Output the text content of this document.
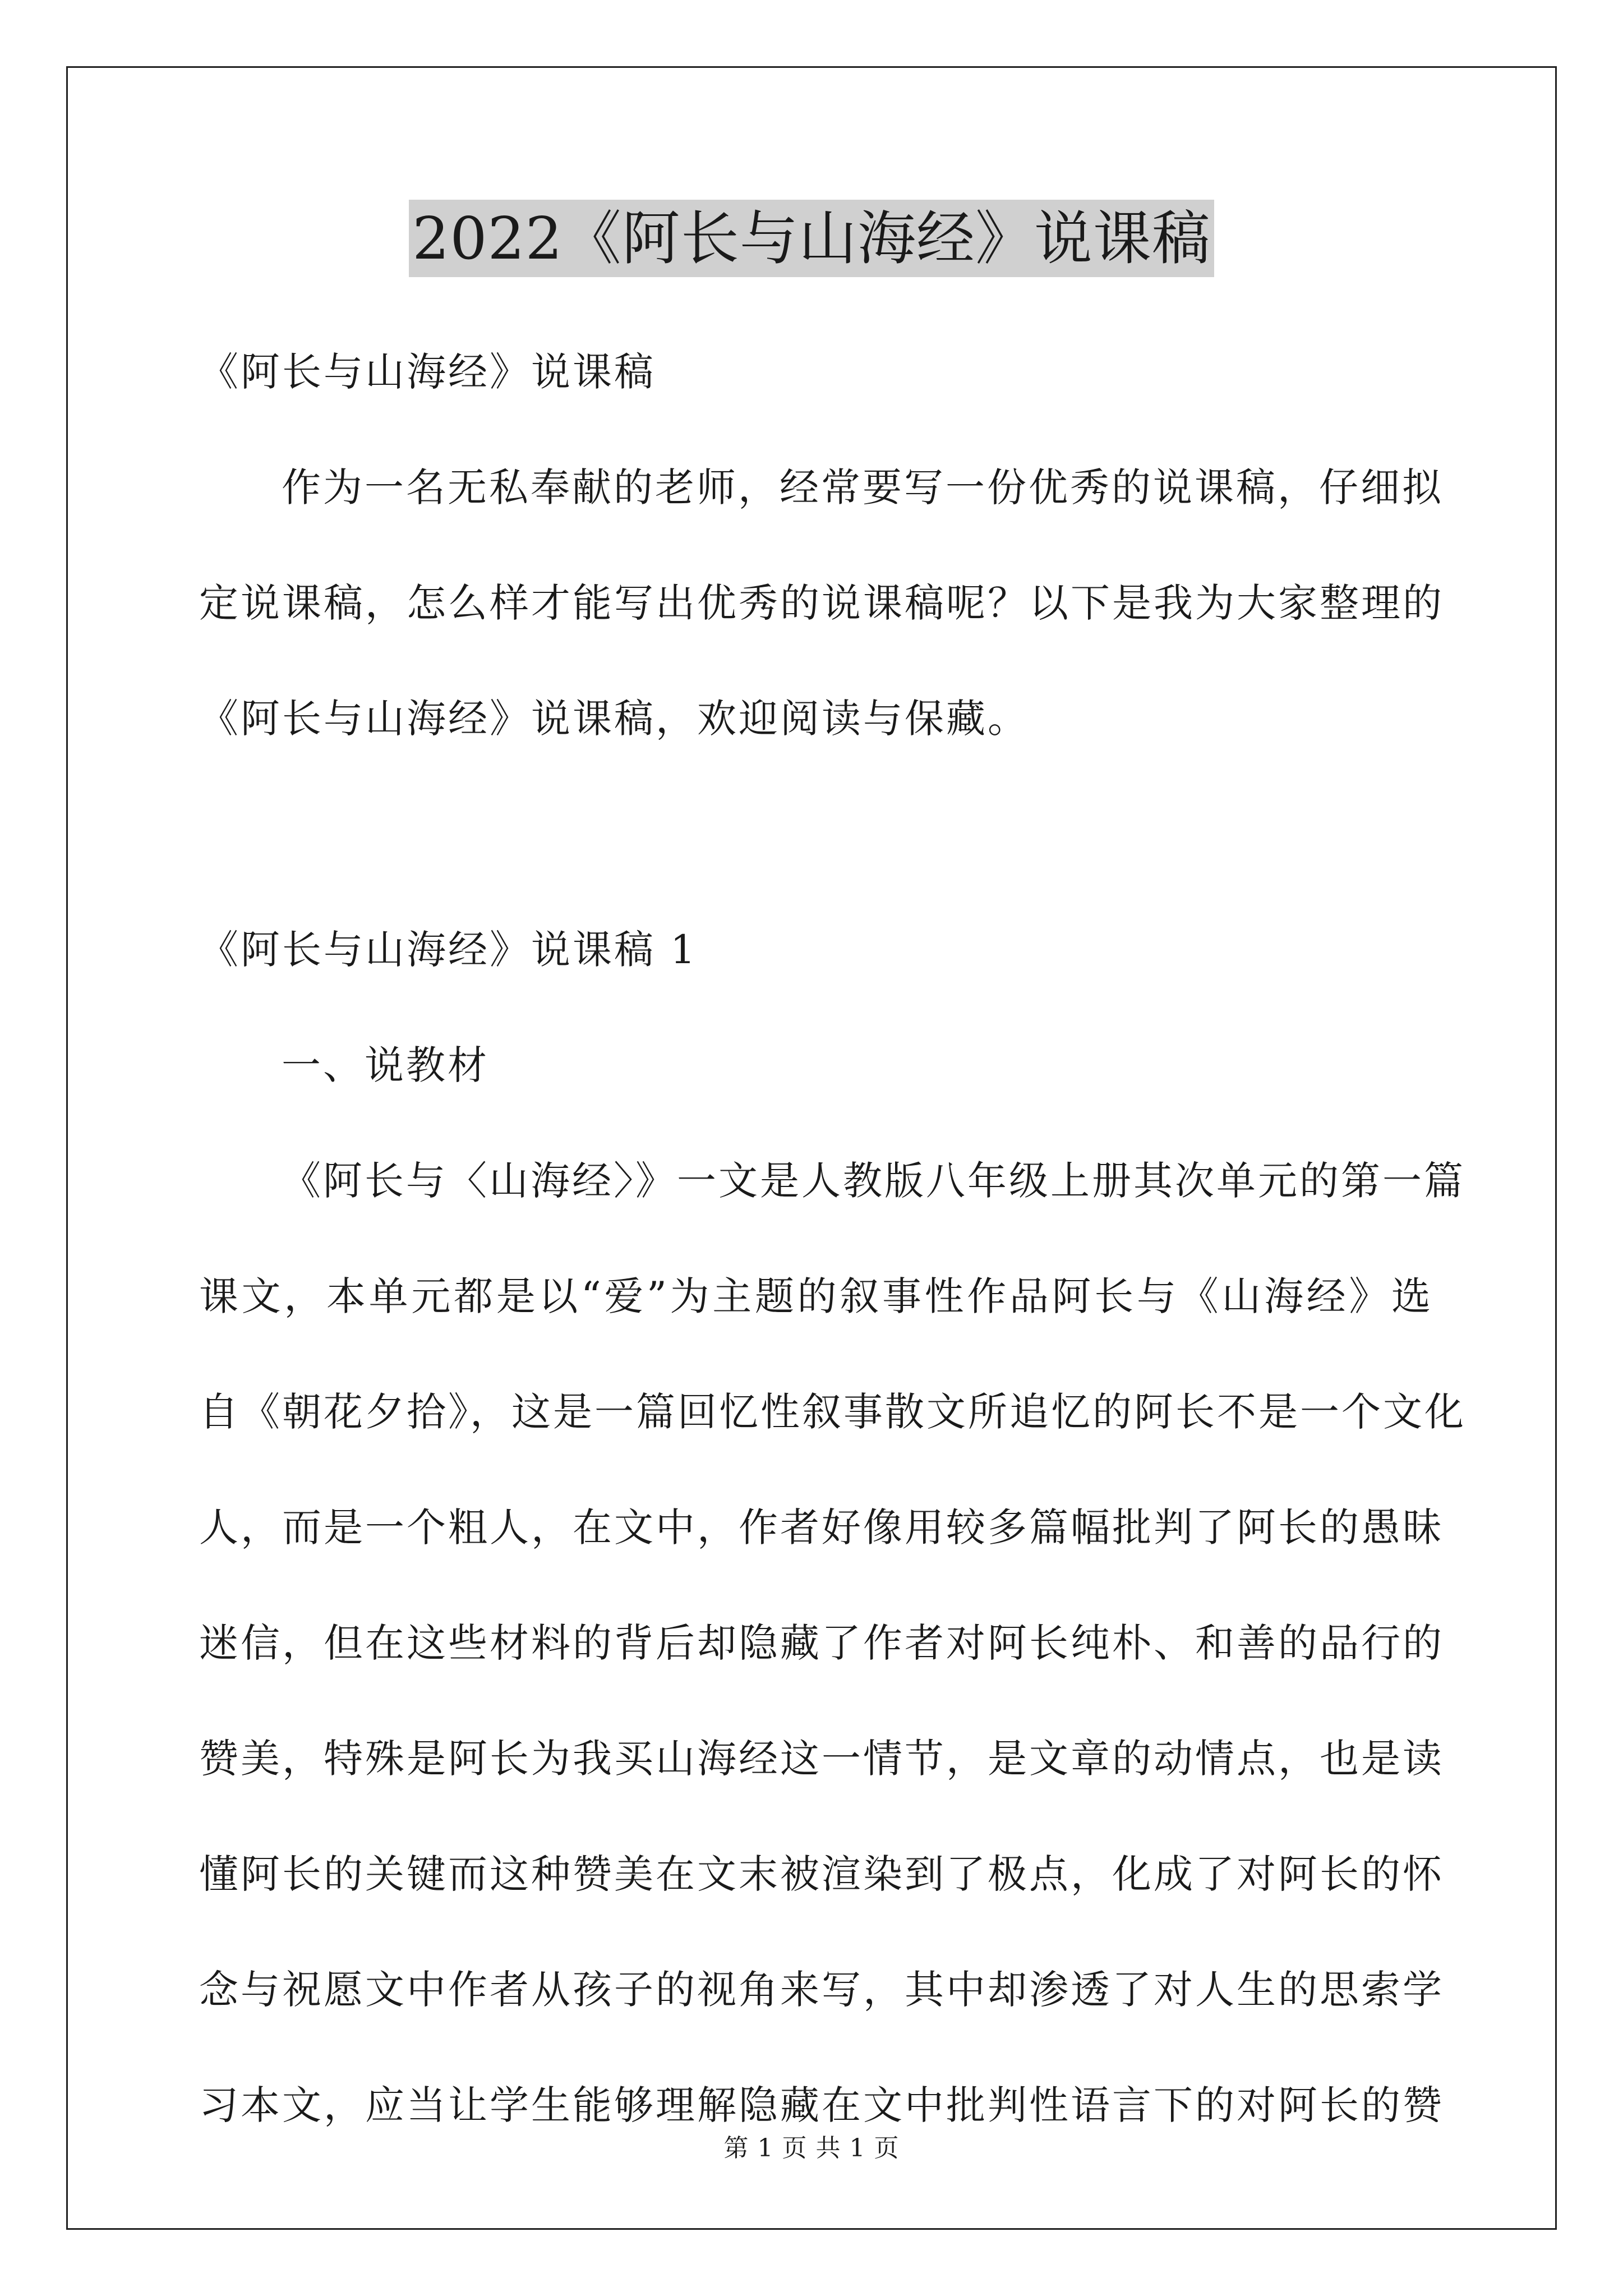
2022《阿长与山海经》说课稿
《阿长与山海经》说课稿
作为一名无私奉献的老师，经常要写一份优秀的说课稿，仔细拟
定说课稿，怎么样才能写出优秀的说课稿呢？以下是我为大家整理的
《阿长与山海经》说课稿，欢迎阅读与保藏。
《阿长与山海经》说课稿 1
一、说教材
《阿长与〈山海经〉》一文是人教版八年级上册其次单元的第一篇
课文，本单元都是以“爱”为主题的叙事性作品阿长与《山海经》选
自《朝花夕拾》，这是一篇回忆性叙事散文所追忆的阿长不是一个文化
人，而是一个粗人，在文中，作者好像用较多篇幅批判了阿长的愚昧
迷信，但在这些材料的背后却隐藏了作者对阿长纯朴、和善的品行的
赞美，特殊是阿长为我买山海经这一情节，是文章的动情点，也是读
懂阿长的关键而这种赞美在文末被渲染到了极点，化成了对阿长的怀
念与祝愿文中作者从孩子的视角来写，其中却渗透了对人生的思索学
习本文，应当让学生能够理解隐藏在文中批判性语言下的对阿长的赞
第 1 页 共 1 页
